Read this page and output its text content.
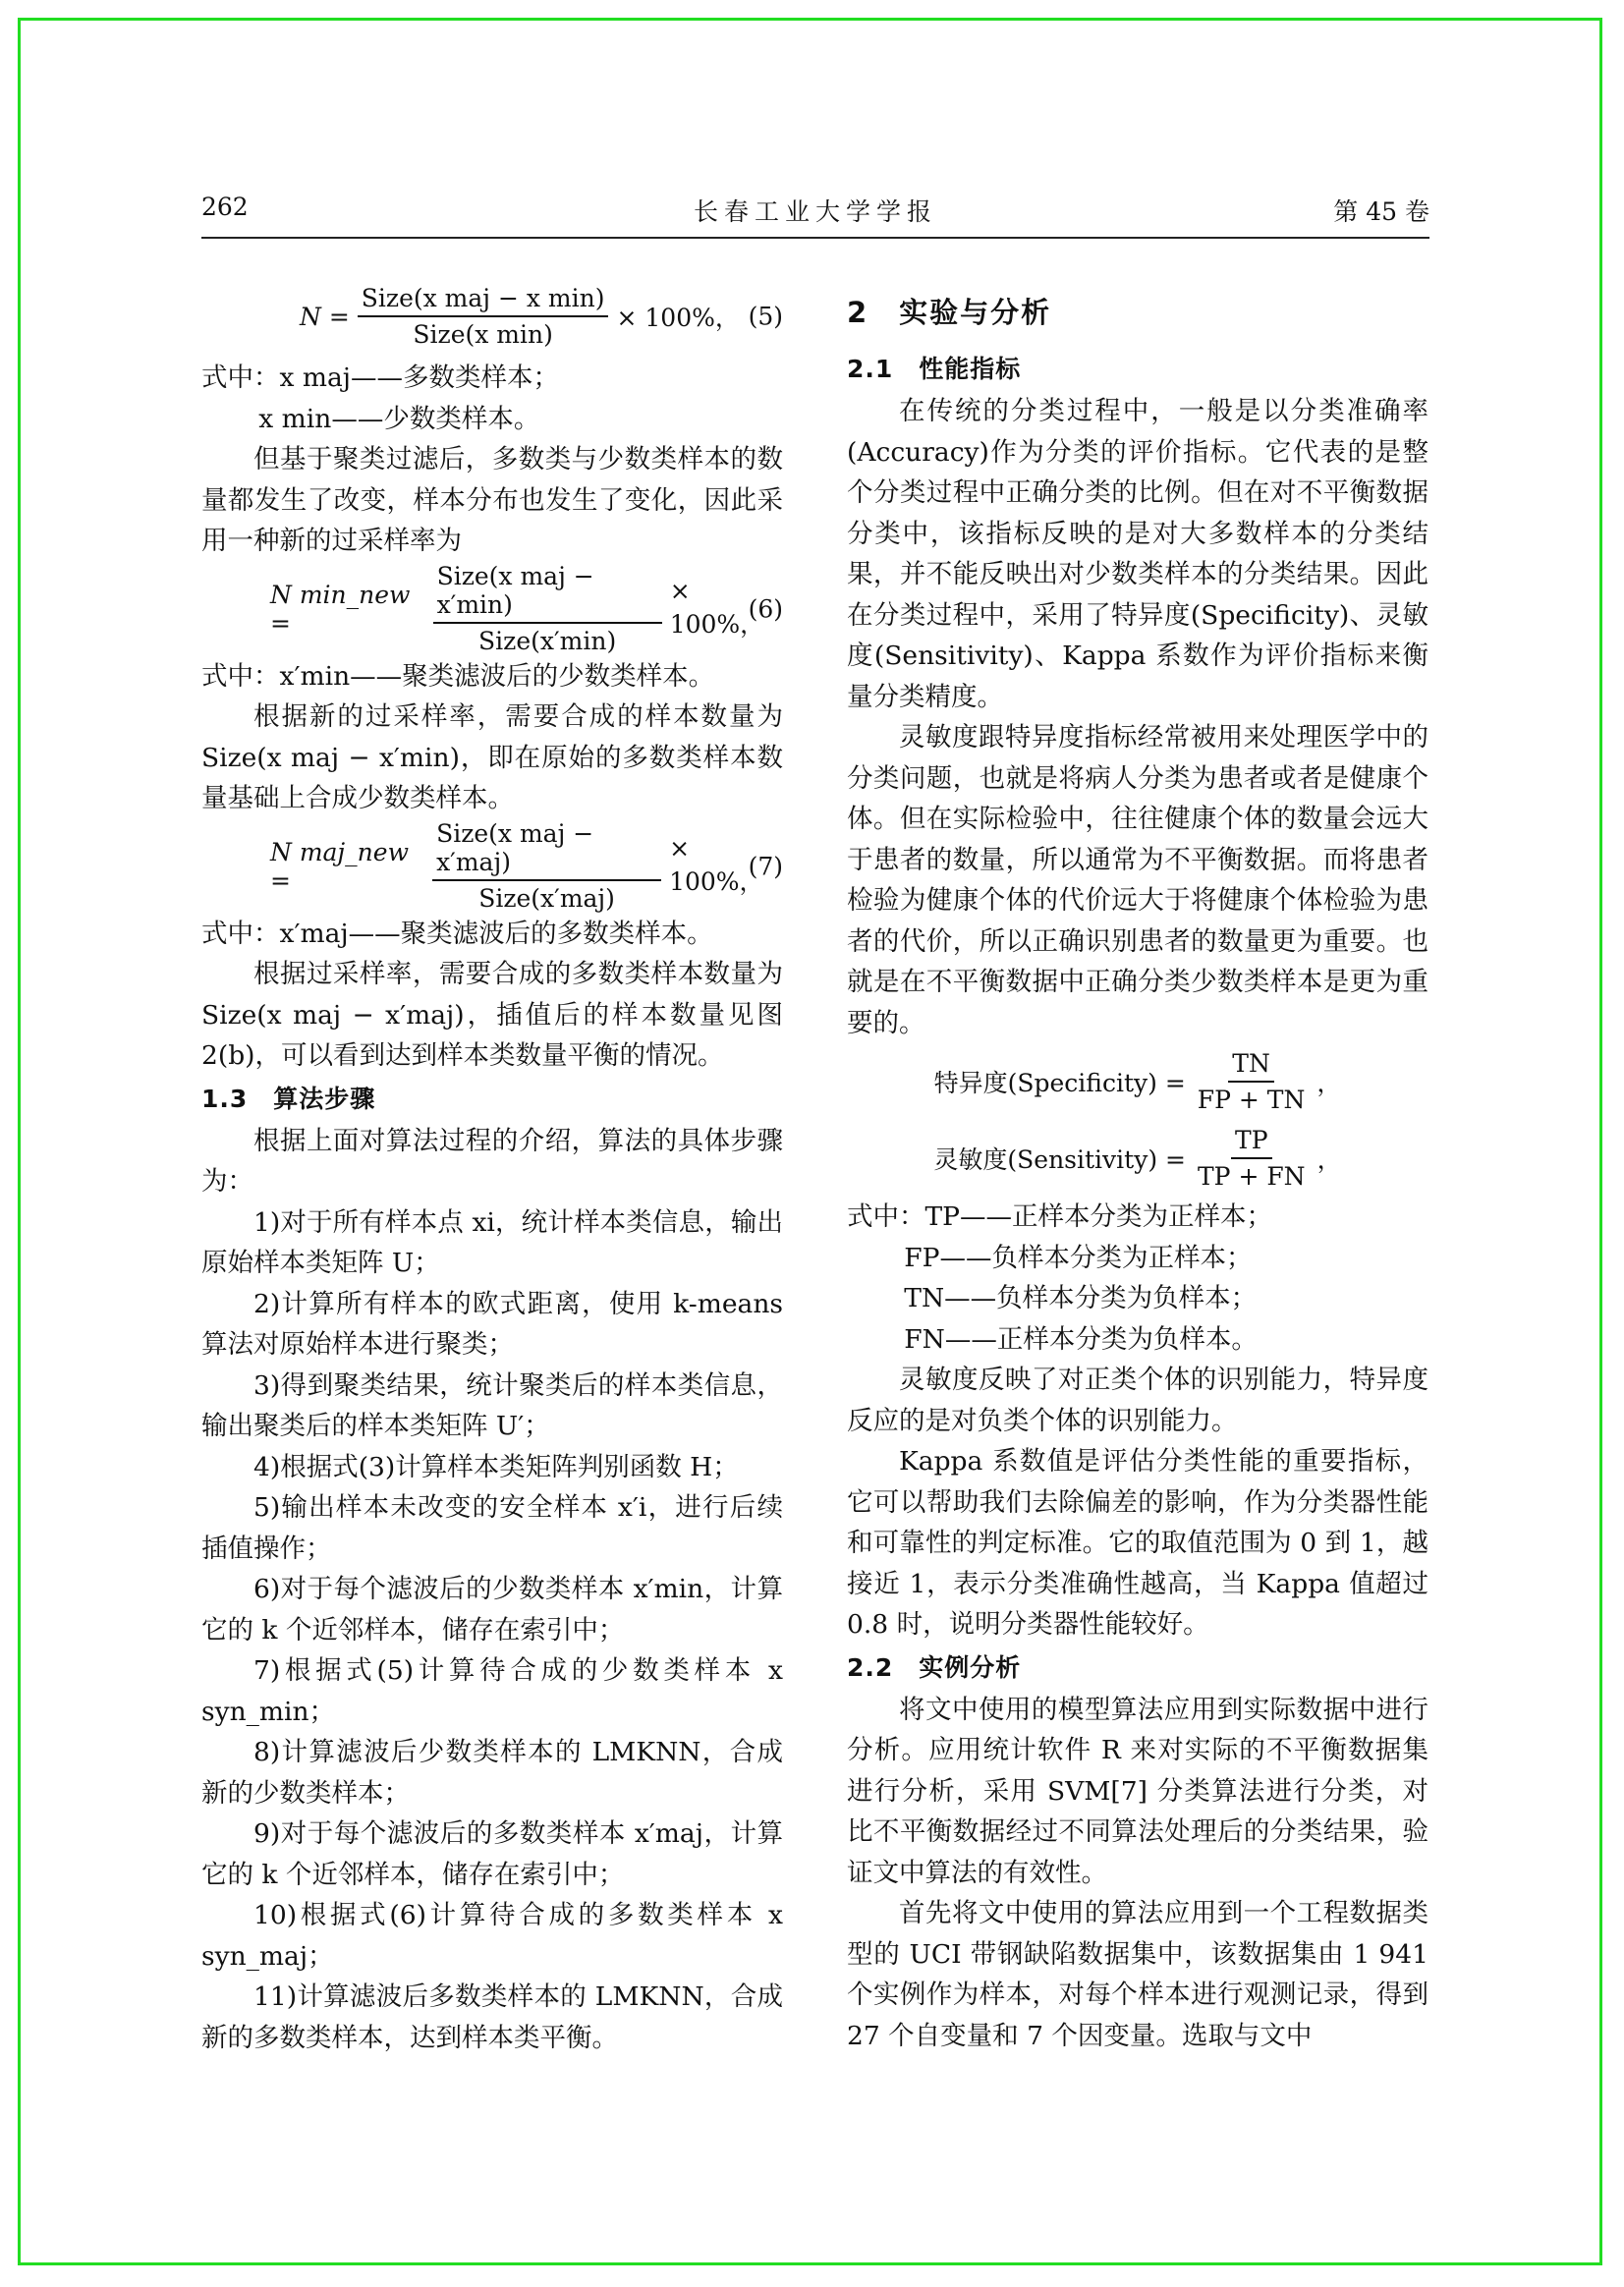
262	长春工业大学学报	第 45 卷
$N = \frac{\text{Size(x maj − x min)}}{\text{Size(x min)}} \times 100\%$， (5)

式中：x maj——多数类样本；

x min——少数类样本。

但基于聚类过滤后，多数类与少数类样本的数量都发生了改变，样本分布也发生了变化，因此采用一种新的过采样率为

N min_new =	$\frac{\text{Size(x maj − x′min)}}{\text{Size(x′min)}} \times 100\%$，
(6)

式中：x′min——聚类滤波后的少数类样本。

根据新的过采样率，需要合成的样本数量为 Size(x maj − x′min)，即在原始的多数类样本数量基础上合成少数类样本。

N maj_new =	$\frac{\text{Size(x maj − x′maj)}}{\text{Size(x′maj)}} \times 100\%$，
(7)

式中：x′maj——聚类滤波后的多数类样本。

根据过采样率，需要合成的多数类样本数量为 Size(x maj − x′maj)，插值后的样本数量见图 2(b)，可以看到达到样本类数量平衡的情况。

1.3　算法步骤

根据上面对算法过程的介绍，算法的具体步骤为：

1)对于所有样本点 xi，统计样本类信息，输出原始样本类矩阵 U；

2)计算所有样本的欧式距离，使用 k-means 算法对原始样本进行聚类；

3)得到聚类结果，统计聚类后的样本类信息，输出聚类后的样本类矩阵 U′；

4)根据式(3)计算样本类矩阵判别函数 H；

5)输出样本未改变的安全样本 x′i，进行后续插值操作；

6)对于每个滤波后的少数类样本 x′min，计算它的 k 个近邻样本，储存在索引中；

7)根据式(5)计算待合成的少数类样本 x syn_min；

8)计算滤波后少数类样本的 LMKNN，合成新的少数类样本；

9)对于每个滤波后的多数类样本 x′maj，计算它的 k 个近邻样本，储存在索引中；

10)根据式(6)计算待合成的多数类样本 x syn_maj；

11)计算滤波后多数类样本的 LMKNN，合成新的多数类样本，达到样本类平衡。

2　实验与分析
2.1　性能指标

在传统的分类过程中，一般是以分类准确率(Accuracy)作为分类的评价指标。它代表的是整个分类过程中正确分类的比例。但在对不平衡数据分类中，该指标反映的是对大多数样本的分类结果，并不能反映出对少数类样本的分类结果。因此在分类过程中，采用了特异度(Specificity)、灵敏度(Sensitivity)、Kappa 系数作为评价指标来衡量分类精度。

灵敏度跟特异度指标经常被用来处理医学中的分类问题，也就是将病人分类为患者或者是健康个体。但在实际检验中，往往健康个体的数量会远大于患者的数量，所以通常为不平衡数据。而将患者检验为健康个体的代价远大于将健康个体检验为患者的代价，所以正确识别患者的数量更为重要。也就是在不平衡数据中正确分类少数类样本是更为重要的。

特异度(Specificity) = $\frac{TN}{FP + TN}$ ，
灵敏度(Sensitivity) = $\frac{TP}{TP + FN}$ ，

式中：TP——正样本分类为正样本；

FP——负样本分类为正样本；

TN——负样本分类为负样本；

FN——正样本分类为负样本。

灵敏度反映了对正类个体的识别能力，特异度反应的是对负类个体的识别能力。

Kappa 系数值是评估分类性能的重要指标，它可以帮助我们去除偏差的影响，作为分类器性能和可靠性的判定标准。它的取值范围为 0 到 1，越接近 1，表示分类准确性越高，当 Kappa 值超过 0.8 时，说明分类器性能较好。

2.2　实例分析

将文中使用的模型算法应用到实际数据中进行分析。应用统计软件 R 来对实际的不平衡数据集进行分析，采用 SVM[7] 分类算法进行分类，对比不平衡数据经过不同算法处理后的分类结果，验证文中算法的有效性。

首先将文中使用的算法应用到一个工程数据类型的 UCI 带钢缺陷数据集中，该数据集由 1 941个实例作为样本，对每个样本进行观测记录，得到 27 个自变量和 7 个因变量。选取与文中
